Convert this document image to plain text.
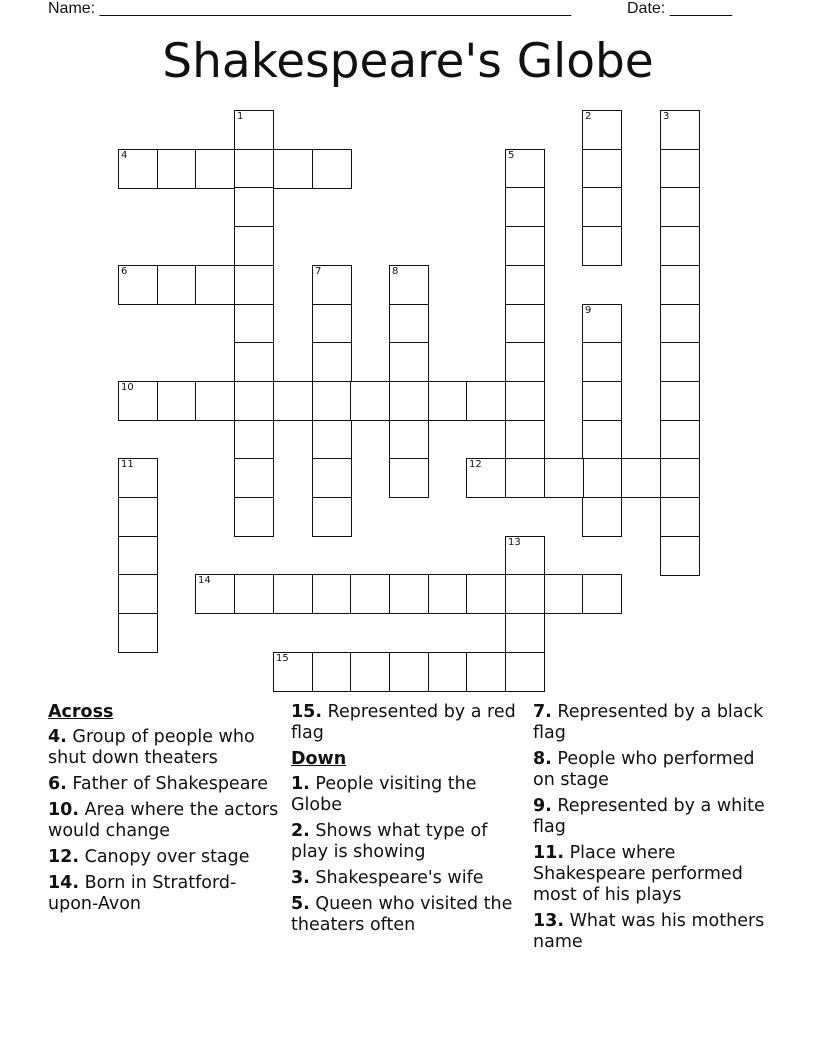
Name: _____________________________________________________	Date: _______
Shakespeare's Globe
1	2	3
4	5
6	7	8
9
10
11	12
13
14
15
Across
4. Group of people who shut down theaters
6. Father of Shakespeare
10. Area where the actors would change
12. Canopy over stage
14. Born in Stratford-upon-Avon
15. Represented by a red flag
Down
1. People visiting the Globe
2. Shows what type of play is showing
3. Shakespeare's wife
5. Queen who visited the theaters often
7. Represented by a black flag
8. People who performed on stage
9. Represented by a white flag
11. Place where Shakespeare performed most of his plays
13. What was his mothers name
